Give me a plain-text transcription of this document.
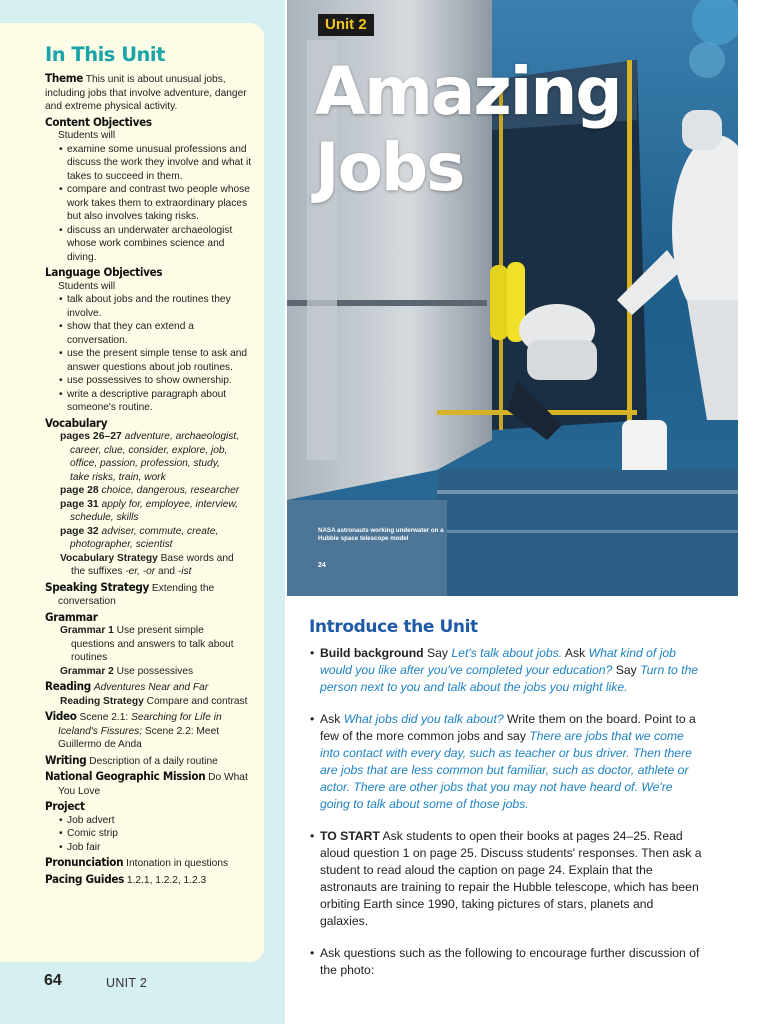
In This Unit
Theme This unit is about unusual jobs, including jobs that involve adventure, danger and extreme physical activity.
Content Objectives
Students will
• examine some unusual professions and discuss the work they involve and what it takes to succeed in them.
• compare and contrast two people whose work takes them to extraordinary places but also involves taking risks.
• discuss an underwater archaeologist whose work combines science and diving.
Language Objectives
Students will
• talk about jobs and the routines they involve.
• show that they can extend a conversation.
• use the present simple tense to ask and answer questions about job routines.
• use possessives to show ownership.
• write a descriptive paragraph about someone's routine.
Vocabulary
pages 26–27 adventure, archaeologist,
career, clue, consider, explore, job,
office, passion, profession, study,
take risks, train, work
page 28 choice, dangerous, researcher
page 31 apply for, employee, interview,
schedule, skills
page 32 adviser, commute, create,
photographer, scientist
Vocabulary Strategy Base words and
the suffixes -er, -or and -ist
Speaking Strategy Extending the
conversation
Grammar
Grammar 1 Use present simple
questions and answers to talk about
routines
Grammar 2 Use possessives
Reading Adventures Near and Far
Reading Strategy Compare and contrast
Video Scene 2.1: Searching for Life in
Iceland's Fissures; Scene 2.2: Meet
Guillermo de Anda
Writing Description of a daily routine
National Geographic Mission Do What
You Love
Project
• Job advert
• Comic strip
• Job fair
Pronunciation Intonation in questions
Pacing Guides 1.2.1, 1.2.2, 1.2.3
64	UNIT 2
Unit 2
Amazing
Jobs
NASA astronauts working underwater on a Hubble space telescope model
24
Introduce the Unit
• Build background Say Let's talk about jobs. Ask What kind of job would you like after you've completed your education? Say Turn to the person next to you and talk about the jobs you might like.
• Ask What jobs did you talk about? Write them on the board. Point to a few of the more common jobs and say There are jobs that we come into contact with every day, such as teacher or bus driver. Then there are jobs that are less common but familiar, such as doctor, athlete or actor. There are other jobs that you may not have heard of. We're going to talk about some of those jobs.
• TO START Ask students to open their books at pages 24–25. Read aloud question 1 on page 25. Discuss students' responses. Then ask a student to read aloud the caption on page 24. Explain that the astronauts are training to repair the Hubble telescope, which has been orbiting Earth since 1990, taking pictures of stars, planets and galaxies.
• Ask questions such as the following to encourage further discussion of the photo:
